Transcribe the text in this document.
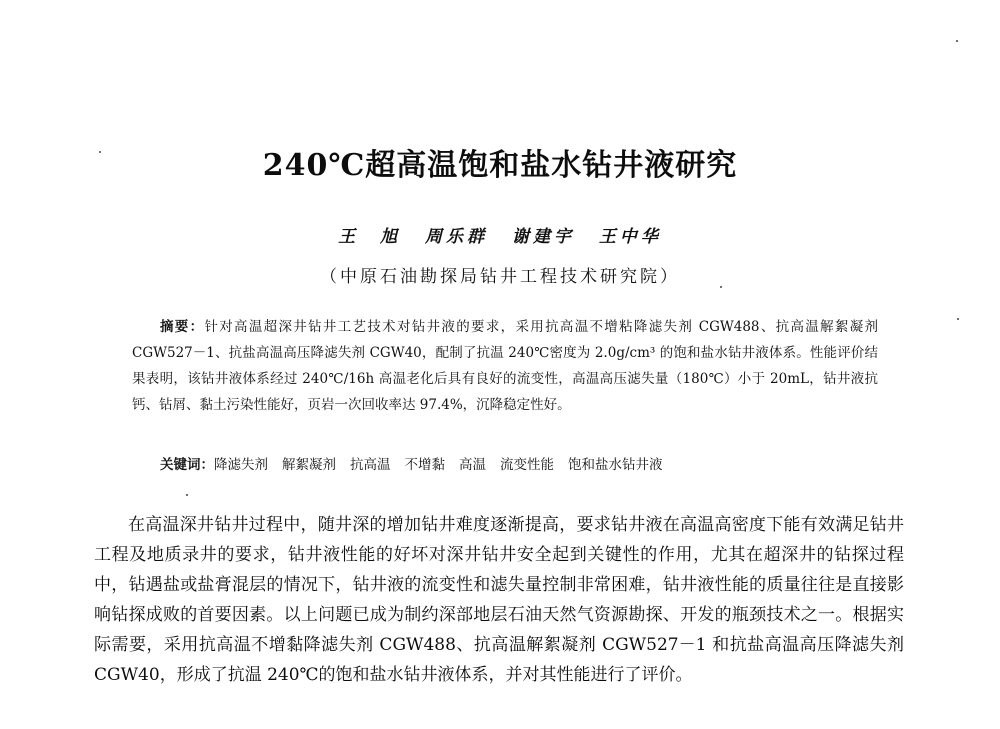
240℃超高温饱和盐水钻井液研究
王　旭 周乐群 谢建宇 王中华
（中原石油勘探局钻井工程技术研究院）
摘要：针对高温超深井钻井工艺技术对钻井液的要求，采用抗高温不增粘降滤失剂 CGW488、抗高温解絮凝剂 CGW527－1、抗盐高温高压降滤失剂 CGW40，配制了抗温 240℃密度为 2.0g/cm³ 的饱和盐水钻井液体系。性能评价结果表明，该钻井液体系经过 240℃/16h 高温老化后具有良好的流变性，高温高压滤失量（180℃）小于 20mL，钻井液抗钙、钻屑、黏土污染性能好，页岩一次回收率达 97.4%，沉降稳定性好。
关键词：降滤失剂 解絮凝剂 抗高温 不增黏 高温 流变性能 饱和盐水钻井液
在高温深井钻井过程中，随井深的增加钻井难度逐渐提高，要求钻井液在高温高密度下能有效满足钻井工程及地质录井的要求，钻井液性能的好坏对深井钻井安全起到关键性的作用，尤其在超深井的钻探过程中，钻遇盐或盐膏混层的情况下，钻井液的流变性和滤失量控制非常困难，钻井液性能的质量往往是直接影响钻探成败的首要因素。以上问题已成为制约深部地层石油天然气资源勘探、开发的瓶颈技术之一。根据实际需要，采用抗高温不增黏降滤失剂 CGW488、抗高温解絮凝剂 CGW527－1 和抗盐高温高压降滤失剂 CGW40，形成了抗温 240℃的饱和盐水钻井液体系，并对其性能进行了评价。
